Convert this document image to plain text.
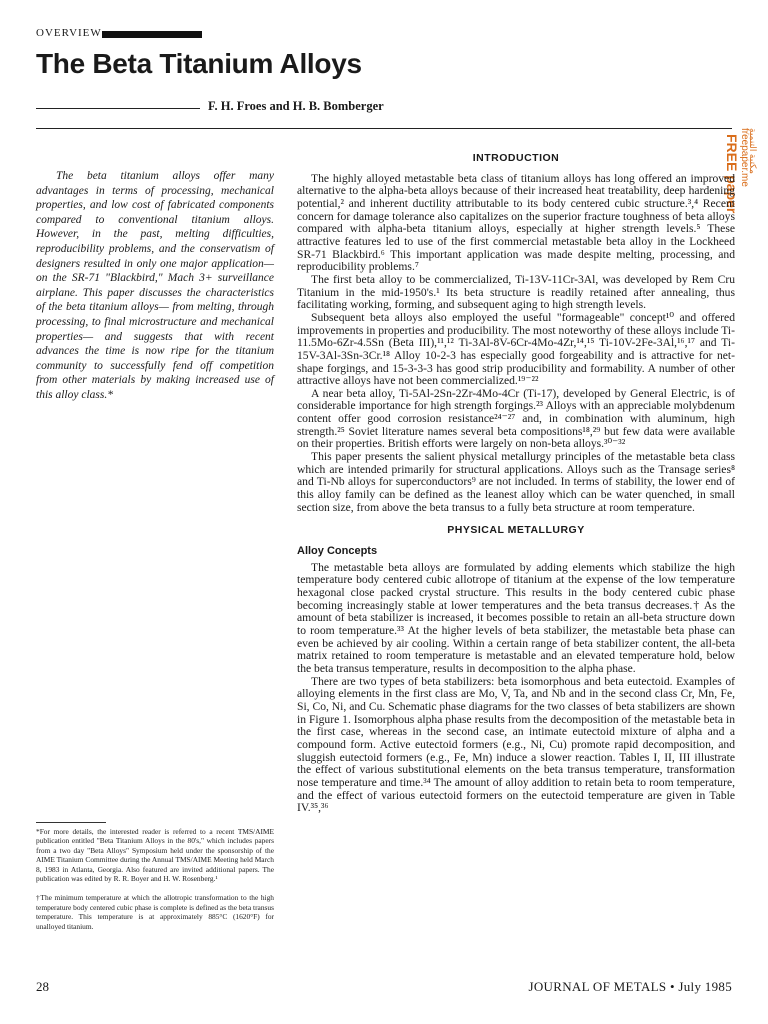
OVERVIEW
The Beta Titanium Alloys
F. H. Froes and H. B. Bomberger
مكتبة التنمية
freepaper.me
FREE paper

The beta titanium alloys offer many advantages in terms of processing, mechanical properties, and low cost of fabricated components compared to conventional titanium alloys. However, in the past, melting difficulties, reproducibility problems, and the conservatism of designers resulted in only one major application—on the SR-71 "Blackbird," Mach 3+ surveillance airplane. This paper discusses the characteristics of the beta titanium alloys— from melting, through processing, to final microstructure and mechanical properties— and suggests that with recent advances the time is now ripe for the titanium community to successfully fend off competition from other materials by making increased use of this alloy class.*

*For more details, the interested reader is referred to a recent TMS/AIME publication entitled "Beta Titanium Alloys in the 80's," which includes papers from a two day "Beta Alloys" Symposium held under the sponsorship of the AIME Titanium Committee during the Annual TMS/AIME Meeting held March 8, 1983 in Atlanta, Georgia. Also featured are invited additional papers. The publication was edited by R. R. Boyer and H. W. Rosenberg.¹

†The minimum temperature at which the allotropic transformation to the high temperature body centered cubic phase is complete is defined as the beta transus temperature. This temperature is at approximately 885°C (1620°F) for unalloyed titanium.

INTRODUCTION

The highly alloyed metastable beta class of titanium alloys has long offered an improved alternative to the alpha-beta alloys because of their increased heat treatability, deep hardening potential,² and inherent ductility attributable to its body centered cubic structure.³,⁴ Recent concern for damage tolerance also capitalizes on the superior fracture toughness of beta alloys compared with alpha-beta titanium alloys, especially at higher strength levels.⁵ These attractive features led to use of the first commercial metastable beta alloy in the Lockheed SR-71 Blackbird.⁶ This important application was made despite melting, processing, and reproducibility problems.⁷

The first beta alloy to be commercialized, Ti-13V-11Cr-3Al, was developed by Rem Cru Titanium in the mid-1950's.¹ Its beta structure is readily retained after annealing, thus facilitating working, forming, and subsequent aging to high strength levels.

Subsequent beta alloys also employed the useful "formageable" concept¹⁰ and offered improvements in properties and producibility. The most noteworthy of these alloys include Ti-11.5Mo-6Zr-4.5Sn (Beta III),¹¹,¹² Ti-3Al-8V-6Cr-4Mo-4Zr,¹⁴,¹⁵ Ti-10V-2Fe-3Al,¹⁶,¹⁷ and Ti-15V-3Al-3Sn-3Cr.¹⁸ Alloy 10-2-3 has especially good forgeability and is attractive for net-shape forgings, and 15-3-3-3 has good strip producibility and formability. A number of other attractive alloys have not been commercialized.¹⁹⁻²²

A near beta alloy, Ti-5Al-2Sn-2Zr-4Mo-4Cr (Ti-17), developed by General Electric, is of considerable importance for high strength forgings.²³ Alloys with an appreciable molybdenum content offer good corrosion resistance²⁴⁻²⁷ and, in combination with aluminum, high strength.²⁵ Soviet literature names several beta compositions¹⁸,²⁹ but few data were available on their properties. British efforts were largely on non-beta alloys.³⁰⁻³²

This paper presents the salient physical metallurgy principles of the metastable beta class which are intended primarily for structural applications. Alloys such as the Transage series⁸ and Ti-Nb alloys for superconductors⁹ are not included. In terms of stability, the lower end of this alloy family can be defined as the leanest alloy which can be water quenched, in small section size, from above the beta transus to a fully beta structure at room temperature.

PHYSICAL METALLURGY
Alloy Concepts

The metastable beta alloys are formulated by adding elements which stabilize the high temperature body centered cubic allotrope of titanium at the expense of the low temperature hexagonal close packed crystal structure. This results in the body centered cubic phase becoming increasingly stable at lower temperatures and the beta transus decreases.† As the amount of beta stabilizer is increased, it becomes possible to retain an all-beta structure down to room temperature.³³ At the higher levels of beta stabilizer, the metastable beta phase can even be achieved by air cooling. Within a certain range of beta stabilizer content, the all-beta matrix retained to room temperature is metastable and an elevated temperature hold, below the beta transus temperature, results in decomposition to the alpha phase.

There are two types of beta stabilizers: beta isomorphous and beta eutectoid. Examples of alloying elements in the first class are Mo, V, Ta, and Nb and in the second class Cr, Mn, Fe, Si, Co, Ni, and Cu. Schematic phase diagrams for the two classes of beta stabilizers are shown in Figure 1. Isomorphous alpha phase results from the decomposition of the metastable beta in the first case, whereas in the second case, an intimate eutectoid mixture of alpha and a compound form. Active eutectoid formers (e.g., Ni, Cu) promote rapid decomposition, and sluggish eutectoid formers (e.g., Fe, Mn) induce a slower reaction. Tables I, II, III illustrate the effect of various substitutional elements on the beta transus temperature, transformation nose temperature and time.³⁴ The amount of alloy addition to retain beta to room temperature, and the effect of various eutectoid formers on the eutectoid temperature are given in Table IV.³⁵,³⁶

28	JOURNAL OF METALS • July 1985
